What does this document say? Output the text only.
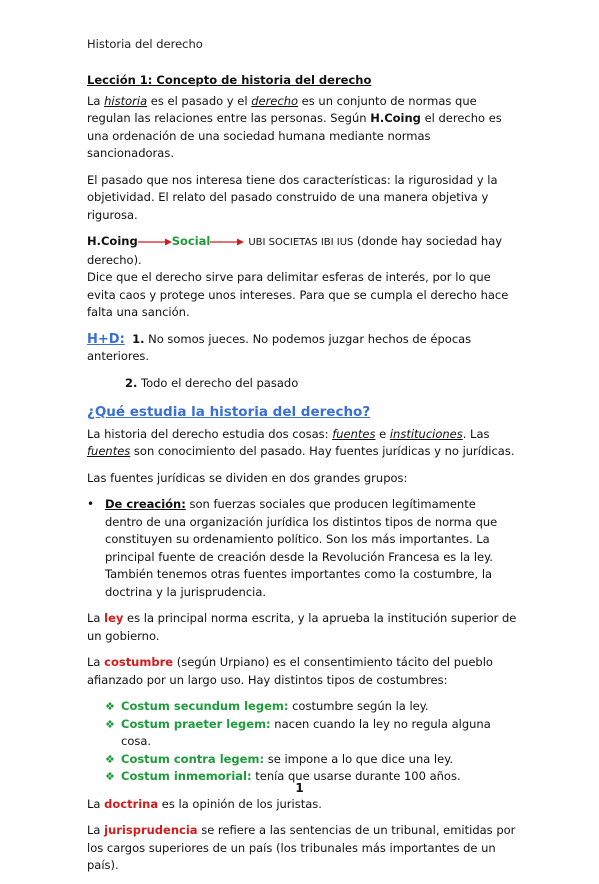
Historia del derecho

Lección 1: Concepto de historia del derecho

La historia es el pasado y el derecho es un conjunto de normas que regulan las relaciones entre las personas. Según H.Coing el derecho es una ordenación de una sociedad humana mediante normas sancionadoras.

El pasado que nos interesa tiene dos características: la rigurosidad y la objetividad. El relato del pasado construido de una manera objetiva y rigurosa.

H.Coing	Social	UBI SOCIETAS IBI IUS (donde hay sociedad hay derecho).
Dice que el derecho sirve para delimitar esferas de interés, por lo que evita caos y protege unos intereses. Para que se cumpla el derecho hace falta una sanción.

H+D: 1. No somos jueces. No podemos juzgar hechos de épocas anteriores.

2. Todo el derecho del pasado

¿Qué estudia la historia del derecho?

La historia del derecho estudia dos cosas: fuentes e instituciones. Las fuentes son conocimiento del pasado. Hay fuentes jurídicas y no jurídicas.

Las fuentes jurídicas se dividen en dos grandes grupos:

• De creación: son fuerzas sociales que producen legítimamente dentro de una organización jurídica los distintos tipos de norma que constituyen su ordenamiento político. Son los más importantes. La principal fuente de creación desde la Revolución Francesa es la ley. También tenemos otras fuentes importantes como la costumbre, la doctrina y la jurisprudencia.

La ley es la principal norma escrita, y la aprueba la institución superior de un gobierno.

La costumbre (según Urpiano) es el consentimiento tácito del pueblo afianzado por un largo uso. Hay distintos tipos de costumbres:

❖ Costum secundum legem: costumbre según la ley.
❖ Costum praeter legem: nacen cuando la ley no regula alguna cosa.
❖ Costum contra legem: se impone a lo que dice una ley.
❖ Costum inmemorial: tenía que usarse durante 100 años.

La doctrina es la opinión de los juristas.

La jurisprudencia se refiere a las sentencias de un tribunal, emitidas por los cargos superiores de un país (los tribunales más importantes de un país).

1
